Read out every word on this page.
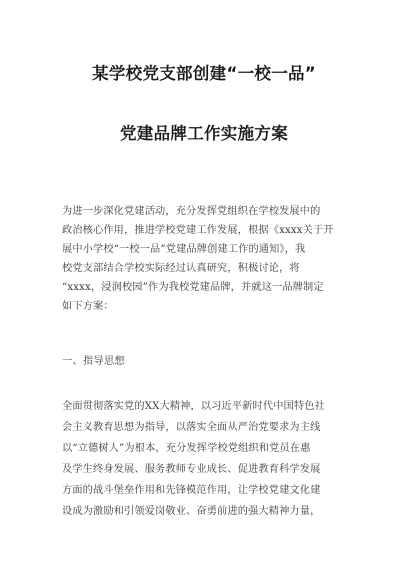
某学校党支部创建“一校一品”
党建品牌工作实施方案
为进一步深化党建活动，充分发挥党组织在学校发展中的
政治核心作用，推进学校党建工作发展，根据《xxxx关于开
展中小学校“一校一品”党建品牌创建工作的通知》，我
校党支部结合学校实际经过认真研究，积极讨论，将
“xxxx，浸润校园”作为我校党建品牌，并就这一品牌制定
如下方案：
一、指导思想
全面贯彻落实党的XX大精神，以习近平新时代中国特色社
会主义教育思想为指导，以落实全面从严治党要求为主线
以“立德树人”为根本，充分发挥学校党组织和党员在惠
及学生终身发展、服务教师专业成长、促进教育科学发展
方面的战斗堡垒作用和先锋模范作用，让学校党建文化建
设成为激励和引领爱岗敬业、奋勇前进的强大精神力量，
